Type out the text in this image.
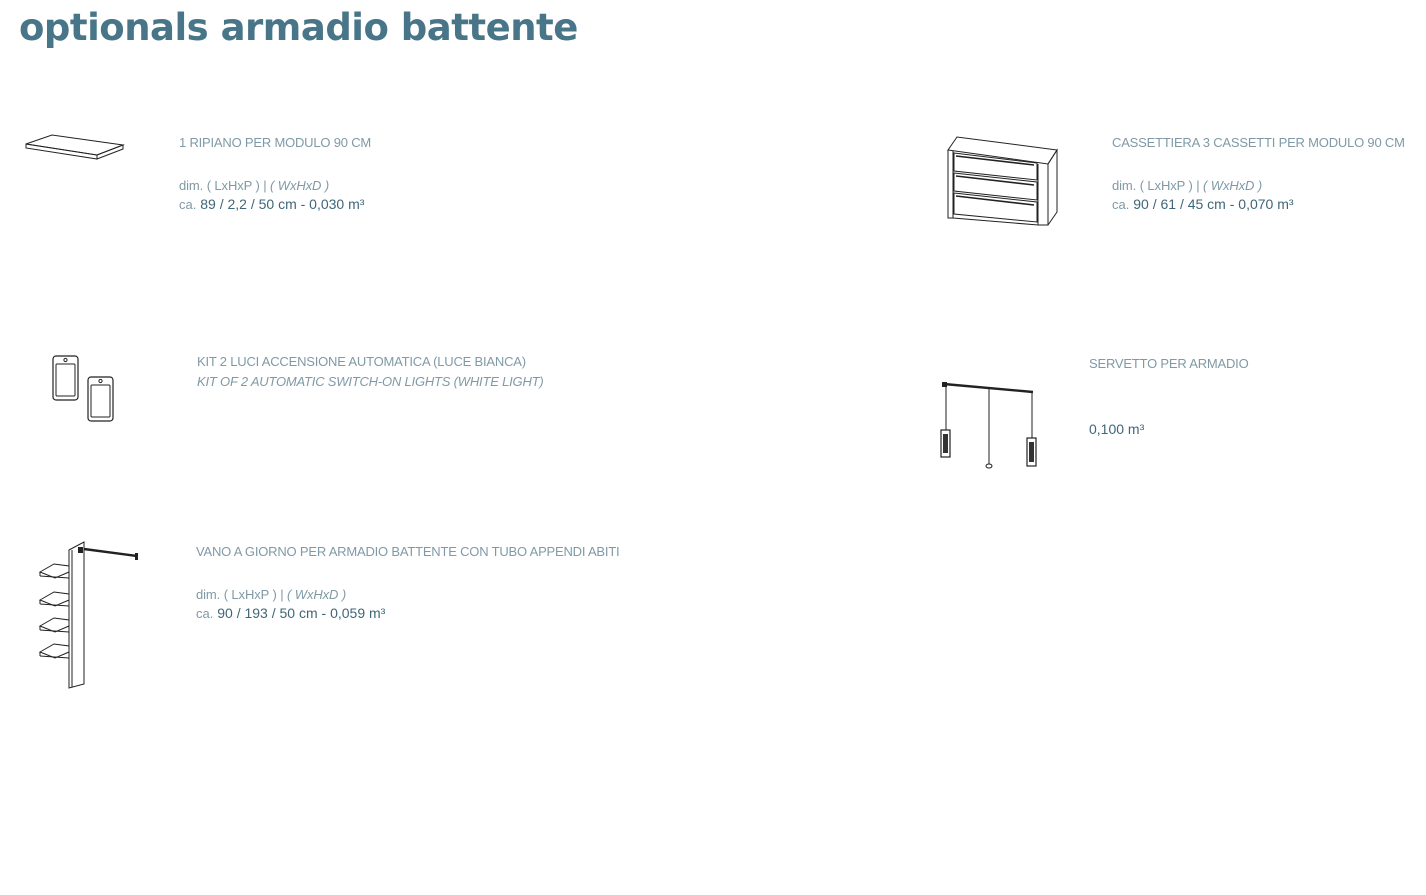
optionals armadio battente
1 RIPIANO PER MODULO 90 CM
dim. ( LxHxP ) | ( WxHxD )
ca. 89 / 2,2 / 50 cm - 0,030 m³
CASSETTIERA 3 CASSETTI PER MODULO 90 CM
dim. ( LxHxP ) | ( WxHxD )
ca. 90 / 61 / 45 cm - 0,070 m³
KIT 2 LUCI ACCENSIONE AUTOMATICA (LUCE BIANCA)
KIT OF 2 AUTOMATIC SWITCH-ON LIGHTS (WHITE LIGHT)
SERVETTO PER ARMADIO
0,100 m³
VANO A GIORNO PER ARMADIO BATTENTE CON TUBO APPENDI ABITI
dim. ( LxHxP ) | ( WxHxD )
ca. 90 / 193 / 50 cm - 0,059 m³
